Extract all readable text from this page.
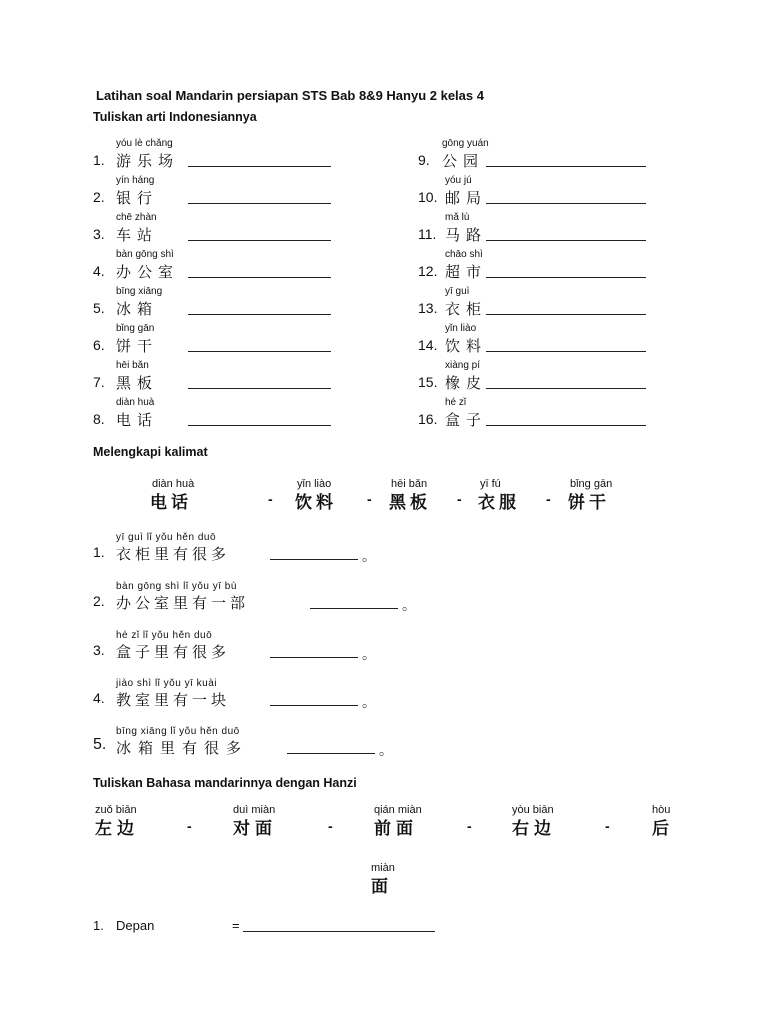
Latihan soal Mandarin persiapan STS Bab 8&9 Hanyu 2 kelas 4
Tuliskan arti Indonesiannya
1.
yóu lè chǎng
游乐场
2.
yín háng
银行
3.
chē zhàn
车站
4.
bàn gōng shì
办公室
5.
bīng xiāng
冰箱
6.
bǐng gān
饼干
7.
hēi bǎn
黑板
8.
diàn huà
电话
9.
gōng yuán
公园
10.
yóu jú
邮局
11.
mǎ lù
马路
12.
chāo shì
超市
13.
yī guì
衣柜
14.
yǐn liào
饮料
15.
xiàng pí
橡皮
16.
hé zǐ
盒子
Melengkapi kalimat
diàn huà
电话
yǐn liào
饮料
hēi bǎn
黑板
yī fú
衣服
bǐng gān
饼干
-	-	-	-
1.
yī guì lǐ yǒu hěn duō
衣柜里有很多	。
2.
bàn gōng shì lǐ yǒu yī bù
办公室里有一部	。
3.
hé zǐ lǐ yǒu hěn duō
盒子里有很多	。
4.
jiào shì lǐ yǒu yī kuài
教室里有一块	。
5.
bīng xiāng lǐ yǒu hěn duō
冰箱里有很多	。
Tuliskan Bahasa mandarinnya dengan Hanzi
zuǒ biān
左边
duì miàn
对面
qián miàn
前面
yòu biān
右边
hòu
后
miàn
面
-	-	-	-
1. Depan	=
